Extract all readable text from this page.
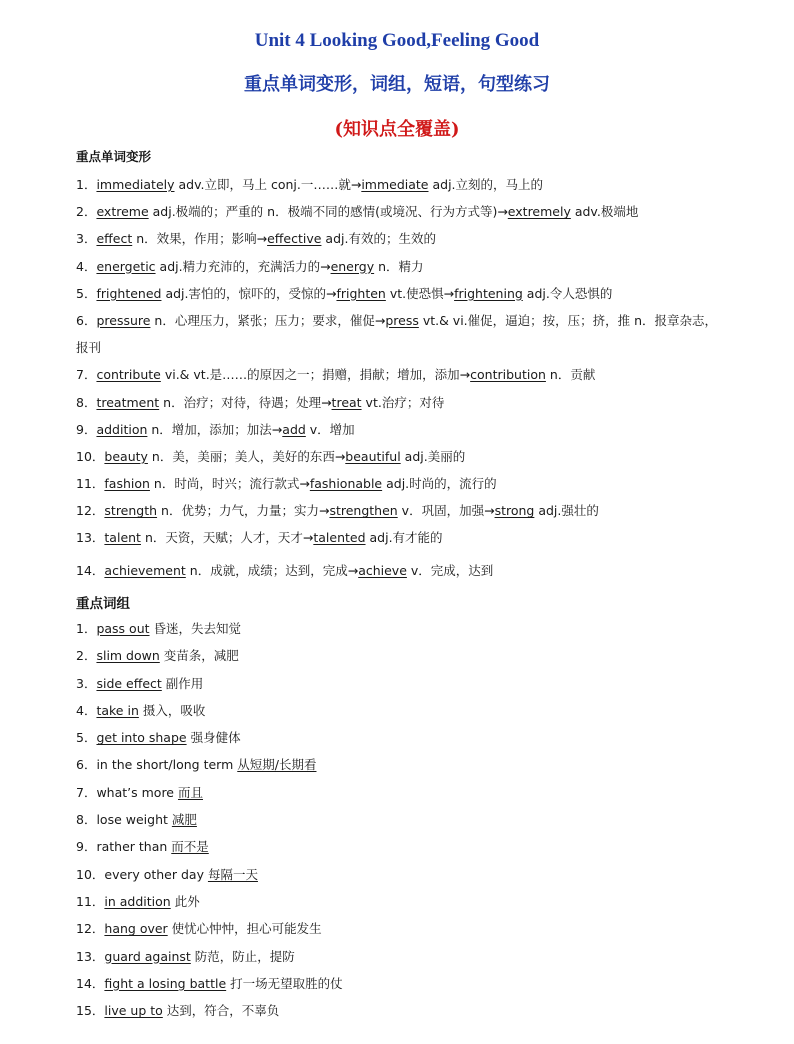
Unit 4 Looking Good,Feeling Good
重点单词变形，词组，短语，句型练习
(知识点全覆盖)
重点单词变形
1．immediately adv.立即，马上 conj.一……就→immediate adj.立刻的，马上的
2．extreme adj.极端的；严重的 n．极端不同的感情(或境况、行为方式等)→extremely adv.极端地
3．effect n．效果，作用；影响→effective adj.有效的；生效的
4．energetic adj.精力充沛的，充满活力的→energy n．精力
5．frightened adj.害怕的，惊吓的，受惊的→frighten vt.使恐惧→frightening adj.令人恐惧的
6．pressure n．心理压力，紧张；压力；要求，催促→press vt.& vi.催促，逼迫；按，压；挤，推 n．报章杂志，报刊
7．contribute vi.& vt.是……的原因之一；捐赠，捐献；增加，添加→contribution n．贡献
8．treatment n．治疗；对待，待遇；处理→treat vt.治疗；对待
9．addition n．增加，添加；加法→add v．增加
10．beauty n．美，美丽；美人，美好的东西→beautiful adj.美丽的
11．fashion n．时尚，时兴；流行款式→fashionable adj.时尚的，流行的
12．strength n．优势；力气，力量；实力→strengthen v．巩固，加强→strong adj.强壮的
13．talent n．天资，天赋；人才，天才→talented adj.有才能的
14．achievement n．成就，成绩；达到，完成→achieve v．完成，达到
重点词组
1．pass out 昏迷，失去知觉
2．slim down 变苗条，减肥
3．side effect 副作用
4．take in 摄入，吸收
5．get into shape 强身健体
6．in the short/long term 从短期/长期看
7．what’s more 而且
8．lose weight 减肥
9．rather than 而不是
10．every other day 每隔一天
11．in addition 此外
12．hang over 使忧心忡忡，担心可能发生
13．guard against 防范，防止，提防
14．fight a losing battle 打一场无望取胜的仗
15．live up to 达到，符合，不辜负
